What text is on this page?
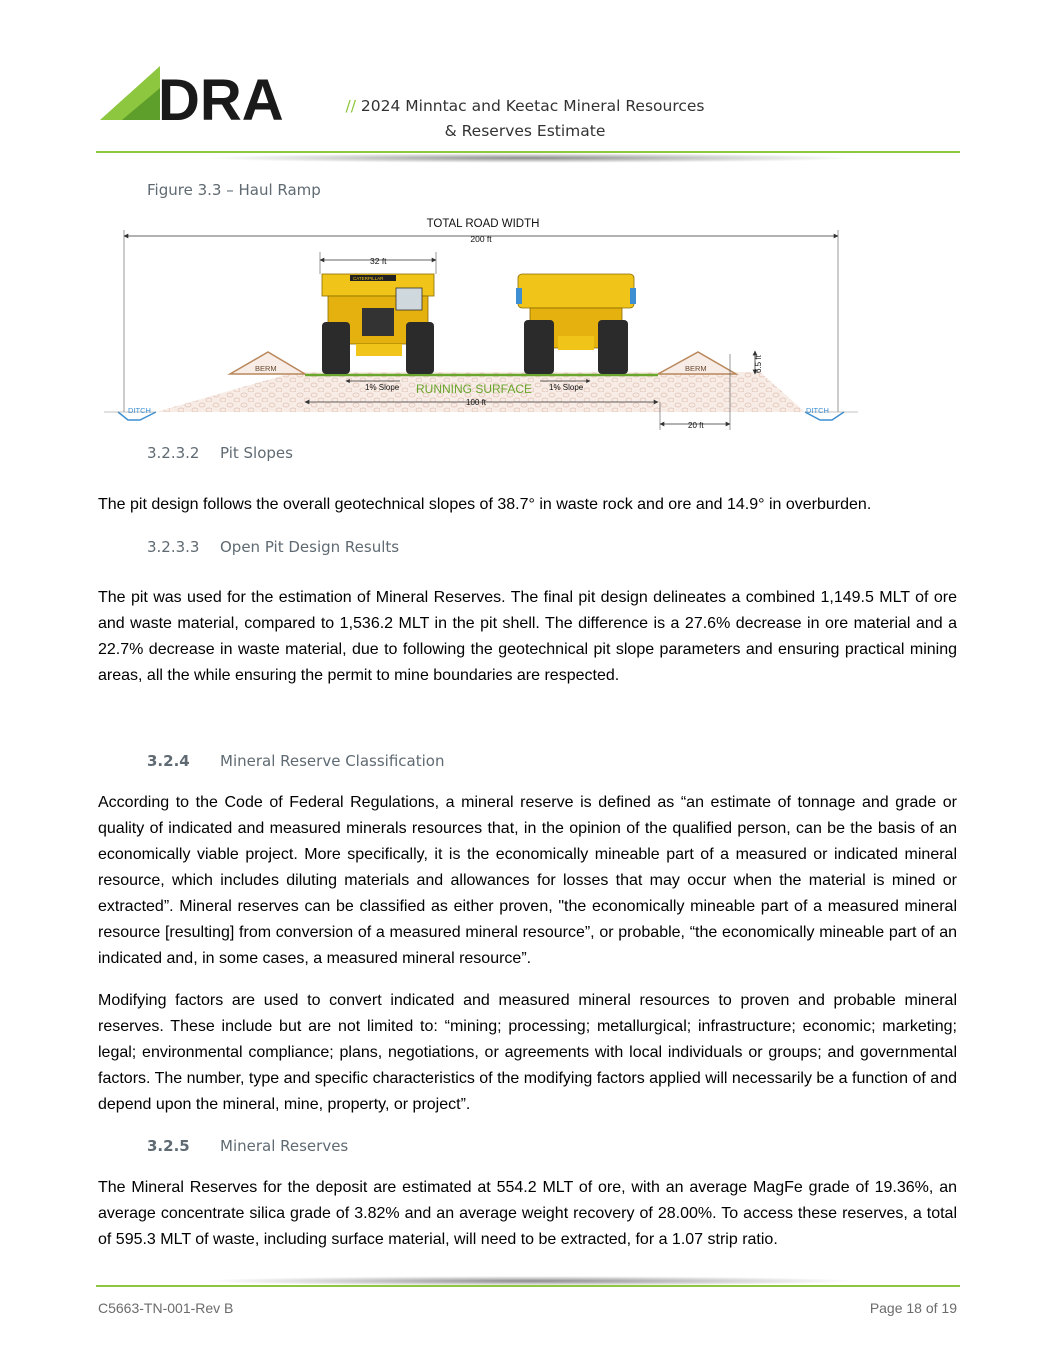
DRA	// 2024 Minntac and Keetac Mineral Resources
& Reserves Estimate
Figure 3.3 – Haul Ramp
TOTAL ROAD WIDTH
200 ft
32 ft
BERM	BERM
DITCH	DITCH
1% Slope	1% Slope
RUNNING SURFACE
100 ft
20 ft
6.5 ft
CATERPILLAR
3.2.3.2 Pit Slopes
The pit design follows the overall geotechnical slopes of 38.7° in waste rock and ore and 14.9° in overburden.
3.2.3.3 Open Pit Design Results
The pit was used for the estimation of Mineral Reserves. The final pit design delineates a combined 1,149.5 MLT of ore and waste material, compared to 1,536.2 MLT in the pit shell. The difference is a 27.6% decrease in ore material and a 22.7% decrease in waste material, due to following the geotechnical pit slope parameters and ensuring practical mining areas, all the while ensuring the permit to mine boundaries are respected.
3.2.4 Mineral Reserve Classification
According to the Code of Federal Regulations, a mineral reserve is defined as “an estimate of tonnage and grade or quality of indicated and measured minerals resources that, in the opinion of the qualified person, can be the basis of an economically viable project. More specifically, it is the economically mineable part of a measured or indicated mineral resource, which includes diluting materials and allowances for losses that may occur when the material is mined or extracted”. Mineral reserves can be classified as either proven, "the economically mineable part of a measured mineral resource [resulting] from conversion of a measured mineral resource”, or probable, “the economically mineable part of an indicated and, in some cases, a measured mineral resource”.
Modifying factors are used to convert indicated and measured mineral resources to proven and probable mineral reserves. These include but are not limited to: “mining; processing; metallurgical; infrastructure; economic; marketing; legal; environmental compliance; plans, negotiations, or agreements with local individuals or groups; and governmental factors. The number, type and specific characteristics of the modifying factors applied will necessarily be a function of and depend upon the mineral, mine, property, or project”.
3.2.5 Mineral Reserves
The Mineral Reserves for the deposit are estimated at 554.2 MLT of ore, with an average MagFe grade of 19.36%, an average concentrate silica grade of 3.82% and an average weight recovery of 28.00%. To access these reserves, a total of 595.3 MLT of waste, including surface material, will need to be extracted, for a 1.07 strip ratio.
C5663-TN-001-Rev B	Page 18 of 19
